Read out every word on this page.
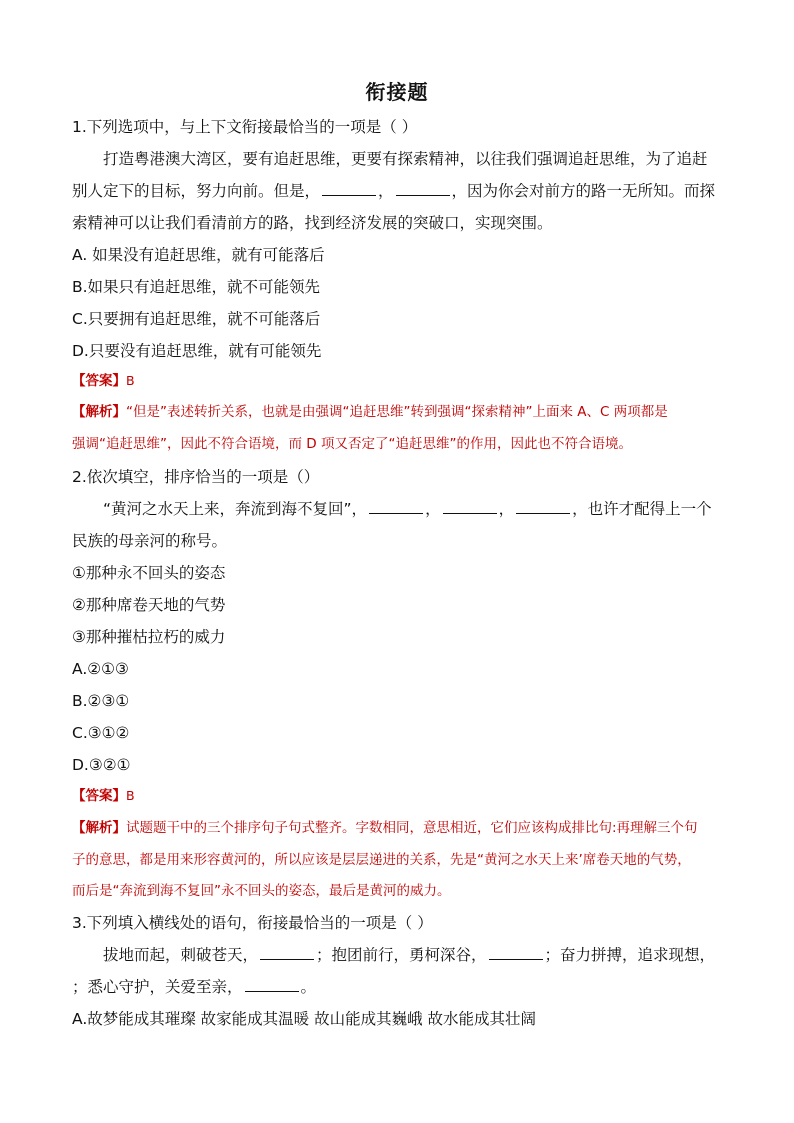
衔接题
1.下列选项中，与上下文衔接最恰当的一项是（ ）
打造粤港澳大湾区，要有追赶思维，更要有探索精神，以往我们强调追赶思维，为了追赶
别人定下的目标，努力向前。但是，	，	，因为你会对前方的路一无所知。而探
索精神可以让我们看清前方的路，找到经济发展的突破口，实现突围。
A. 如果没有追赶思维，就有可能落后
B.如果只有追赶思维，就不可能领先
C.只要拥有追赶思维，就不可能落后
D.只要没有追赶思维，就有可能领先
【答案】B
【解析】“但是”表述转折关系，也就是由强调“追赶思维”转到强调“探索精神”上面来 A、C 两项都是
强调“追赶思维”，因此不符合语境，而 D 项又否定了“追赶思维”的作用，因此也不符合语境。
2.依次填空，排序恰当的一项是（）
“黄河之水天上来，奔流到海不复回”，	，	，	，也许才配得上一个
民族的母亲河的称号。
①那种永不回头的姿态
②那种席卷天地的气势
③那种摧枯拉朽的威力
A.②①③
B.②③①
C.③①②
D.③②①
【答案】B
【解析】试题题干中的三个排序句子句式整齐。字数相同，意思相近，它们应该构成排比句:再理解三个句
子的意思，都是用来形容黄河的，所以应该是层层递进的关系，先是“黄河之水天上来’席卷天地的气势，
而后是“奔流到海不复回”永不回头的姿态，最后是黄河的威力。
3.下列填入横线处的语句，衔接最恰当的一项是（ ）
拔地而起，刺破苍天，	；抱团前行，勇柯深谷，	；奋力拼搏，追求现想，
；悉心守护，关爱至亲，	。
A.故梦能成其璀璨 故家能成其温暖 故山能成其巍峨 故水能成其壮阔
